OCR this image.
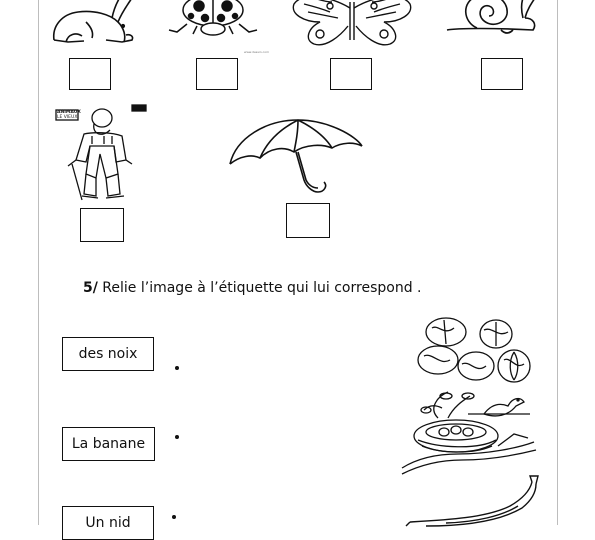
www.dessin.com
ANIMAUX
LE VIEUX
5/ Relie l’image à l’étiquette qui lui correspond .
des noix
La banane
Un nid
